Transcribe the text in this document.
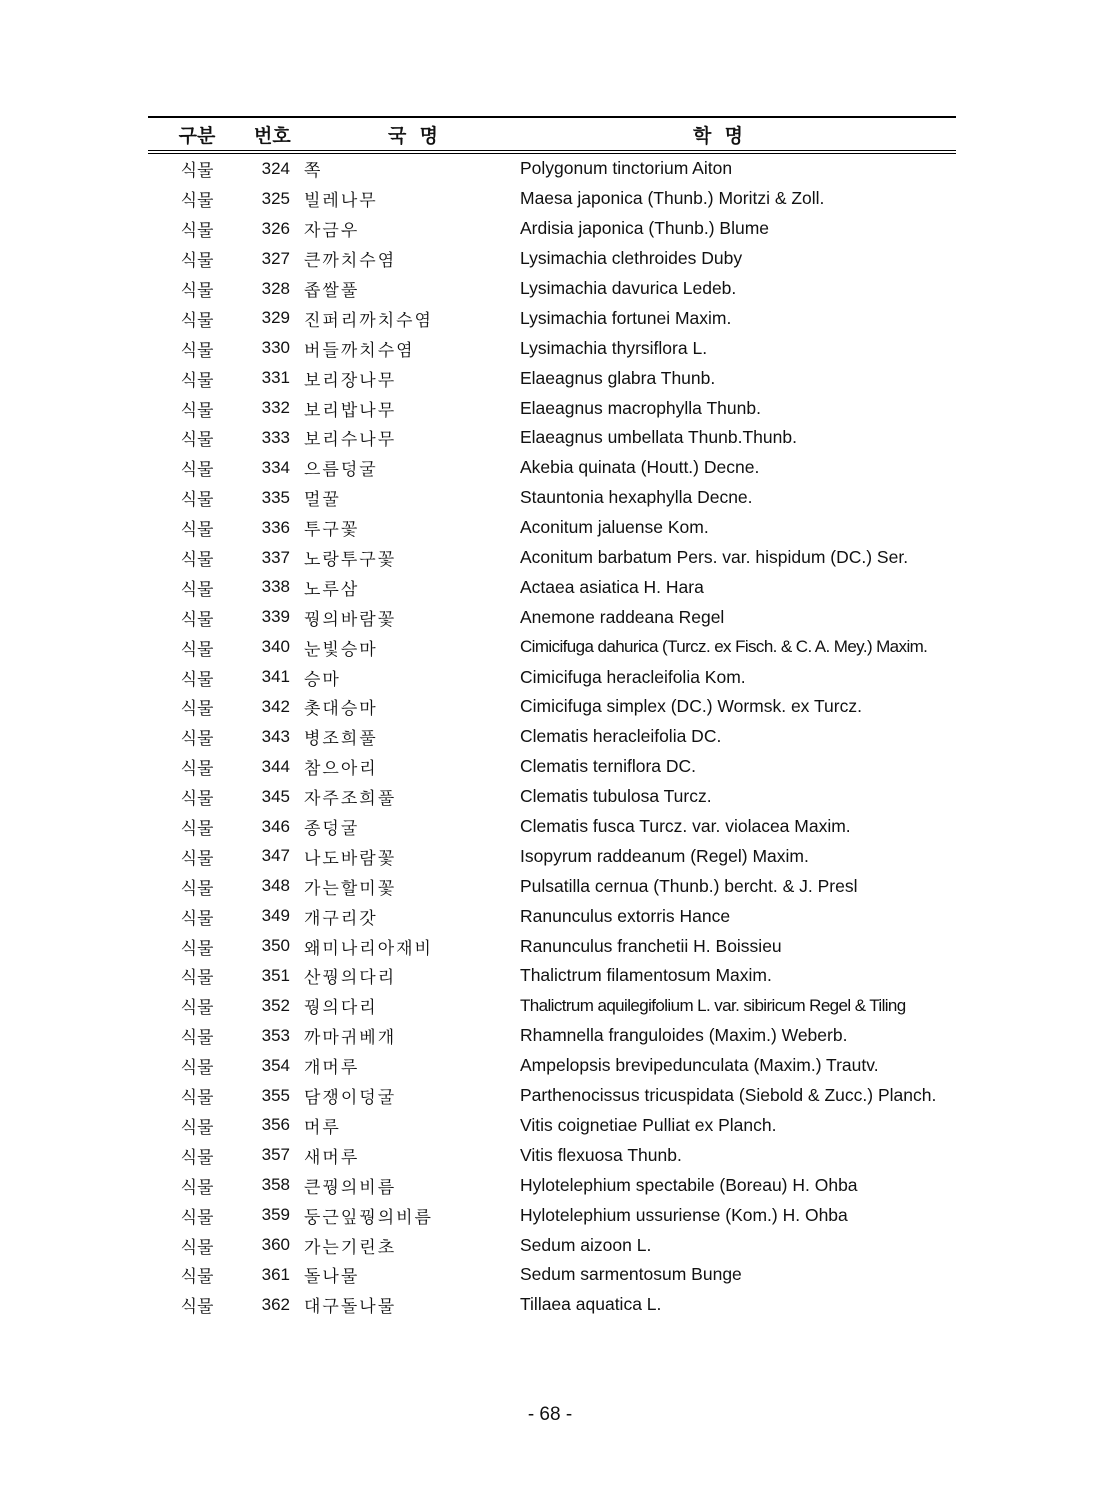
구분	번호	국  명	학  명
식물	324 쪽	Polygonum tinctorium Aiton
식물	325 빌레나무	Maesa japonica (Thunb.) Moritzi & Zoll.
식물	326 자금우	Ardisia japonica (Thunb.) Blume
식물	327 큰까치수염	Lysimachia clethroides Duby
식물	328 좁쌀풀	Lysimachia davurica Ledeb.
식물	329 진퍼리까치수염	Lysimachia fortunei Maxim.
식물	330 버들까치수염	Lysimachia thyrsiflora L.
식물	331 보리장나무	Elaeagnus glabra Thunb.
식물	332 보리밥나무	Elaeagnus macrophylla Thunb.
식물	333 보리수나무	Elaeagnus umbellata Thunb.Thunb.
식물	334 으름덩굴	Akebia quinata (Houtt.) Decne.
식물	335 멀꿀	Stauntonia hexaphylla Decne.
식물	336 투구꽃	Aconitum jaluense Kom.
식물	337 노랑투구꽃	Aconitum barbatum Pers. var. hispidum (DC.) Ser.
식물	338 노루삼	Actaea asiatica H. Hara
식물	339 꿩의바람꽃	Anemone raddeana Regel
식물	340 눈빛승마	Cimicifuga dahurica (Turcz. ex Fisch. & C. A. Mey.) Maxim.
식물	341 승마	Cimicifuga heracleifolia Kom.
식물	342 촛대승마	Cimicifuga simplex (DC.) Wormsk. ex Turcz.
식물	343 병조희풀	Clematis heracleifolia DC.
식물	344 참으아리	Clematis terniflora DC.
식물	345 자주조희풀	Clematis tubulosa Turcz.
식물	346 종덩굴	Clematis fusca Turcz. var. violacea Maxim.
식물	347 나도바람꽃	Isopyrum raddeanum (Regel) Maxim.
식물	348 가는할미꽃	Pulsatilla cernua (Thunb.) bercht. & J. Presl
식물	349 개구리갓	Ranunculus extorris Hance
식물	350 왜미나리아재비	Ranunculus franchetii H. Boissieu
식물	351 산꿩의다리	Thalictrum filamentosum Maxim.
식물	352 꿩의다리	Thalictrum aquilegifolium L. var. sibiricum Regel & Tiling
식물	353 까마귀베개	Rhamnella franguloides (Maxim.) Weberb.
식물	354 개머루	Ampelopsis brevipedunculata (Maxim.) Trautv.
식물	355 담쟁이덩굴	Parthenocissus tricuspidata (Siebold & Zucc.) Planch.
식물	356 머루	Vitis coignetiae Pulliat ex Planch.
식물	357 새머루	Vitis flexuosa Thunb.
식물	358 큰꿩의비름	Hylotelephium spectabile (Boreau) H. Ohba
식물	359 둥근잎꿩의비름	Hylotelephium ussuriense (Kom.) H. Ohba
식물	360 가는기린초	Sedum aizoon L.
식물	361 돌나물	Sedum sarmentosum Bunge
식물	362 대구돌나물	Tillaea aquatica L.
- 68 -
